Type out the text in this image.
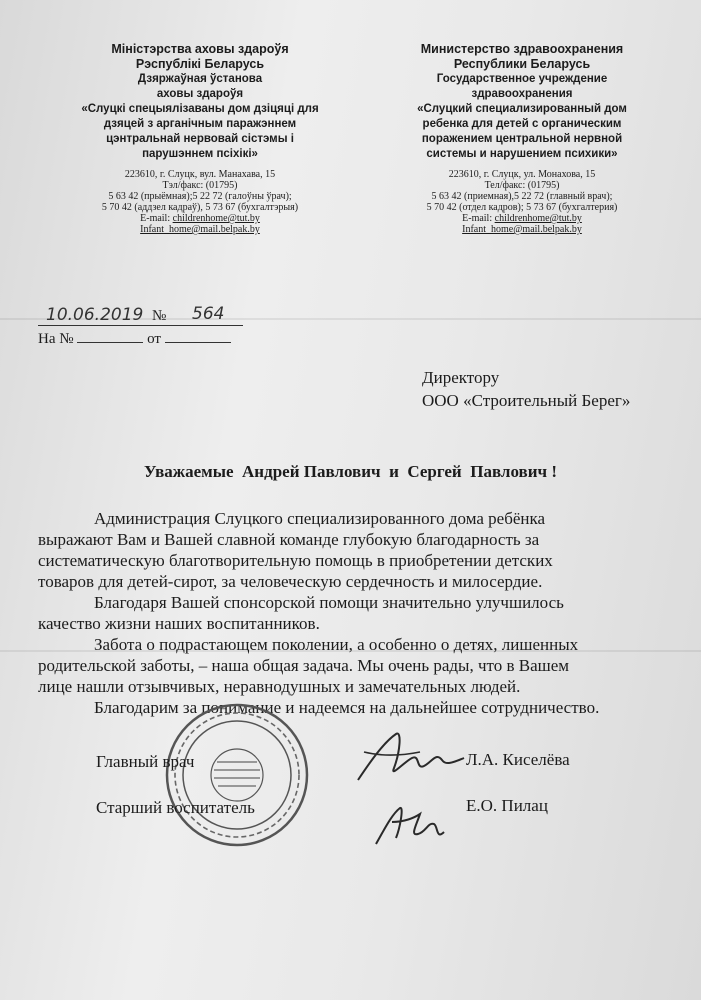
Міністэрства аховы здароўя
Рэспублікі Беларусь
Дзяржаўная ўстанова
аховы здароўя
«Слуцкі спецыялізаваны дом дзіцяці для
дзяцей з арганічным паражэннем
цэнтральнай нервовай сістэмы і
парушэннем псіхікі»
223610, г. Слуцк, вул. Манахава, 15
Тэл/факс: (01795)
5 63 42 (прыёмная);5 22 72 (галоўны ўрач);
5 70 42 (аддзел кадраў), 5 73 67 (бухгалтэрыя)
E-mail: childrenhome@tut.by
Infant_home@mail.belpak.by
Министерство здравоохранения
Республики Беларусь
Государственное учреждение
здравоохранения
«Слуцкий специализированный дом
ребенка для детей с органическим
поражением центральной нервной
системы и нарушением психики»
223610, г. Слуцк, ул. Монахова, 15
Тел/факс: (01795)
5 63 42 (приемная),5 22 72 (главный врач);
5 70 42 (отдел кадров); 5 73 67 (бухгалтерия)
E-mail: childrenhome@tut.by
Infant_home@mail.belpak.by
10.06.2019 № 564
На №	от
Директору
ООО «Строительный Берег»
Уважаемые  Андрей Павлович  и  Сергей  Павлович !

Администрация Слуцкого специализированного дома ребёнка

выражают Вам и Вашей славной команде глубокую благодарность за

систематическую благотворительную помощь в приобретении детских

товаров для детей-сирот, за человеческую сердечность и милосердие.

Благодаря Вашей спонсорской помощи значительно улучшилось

качество жизни наших воспитанников.

Забота о подрастающем поколении, а особенно о детях, лишенных

родительской заботы, – наша общая задача. Мы очень рады, что в Вашем

лице нашли отзывчивых, неравнодушных и замечательных людей.

Благодарим за понимание и надеемся на дальнейшее сотрудничество.

Главный врач	Л.А. Киселёва
Старший воспитатель	Е.О. Пилац
